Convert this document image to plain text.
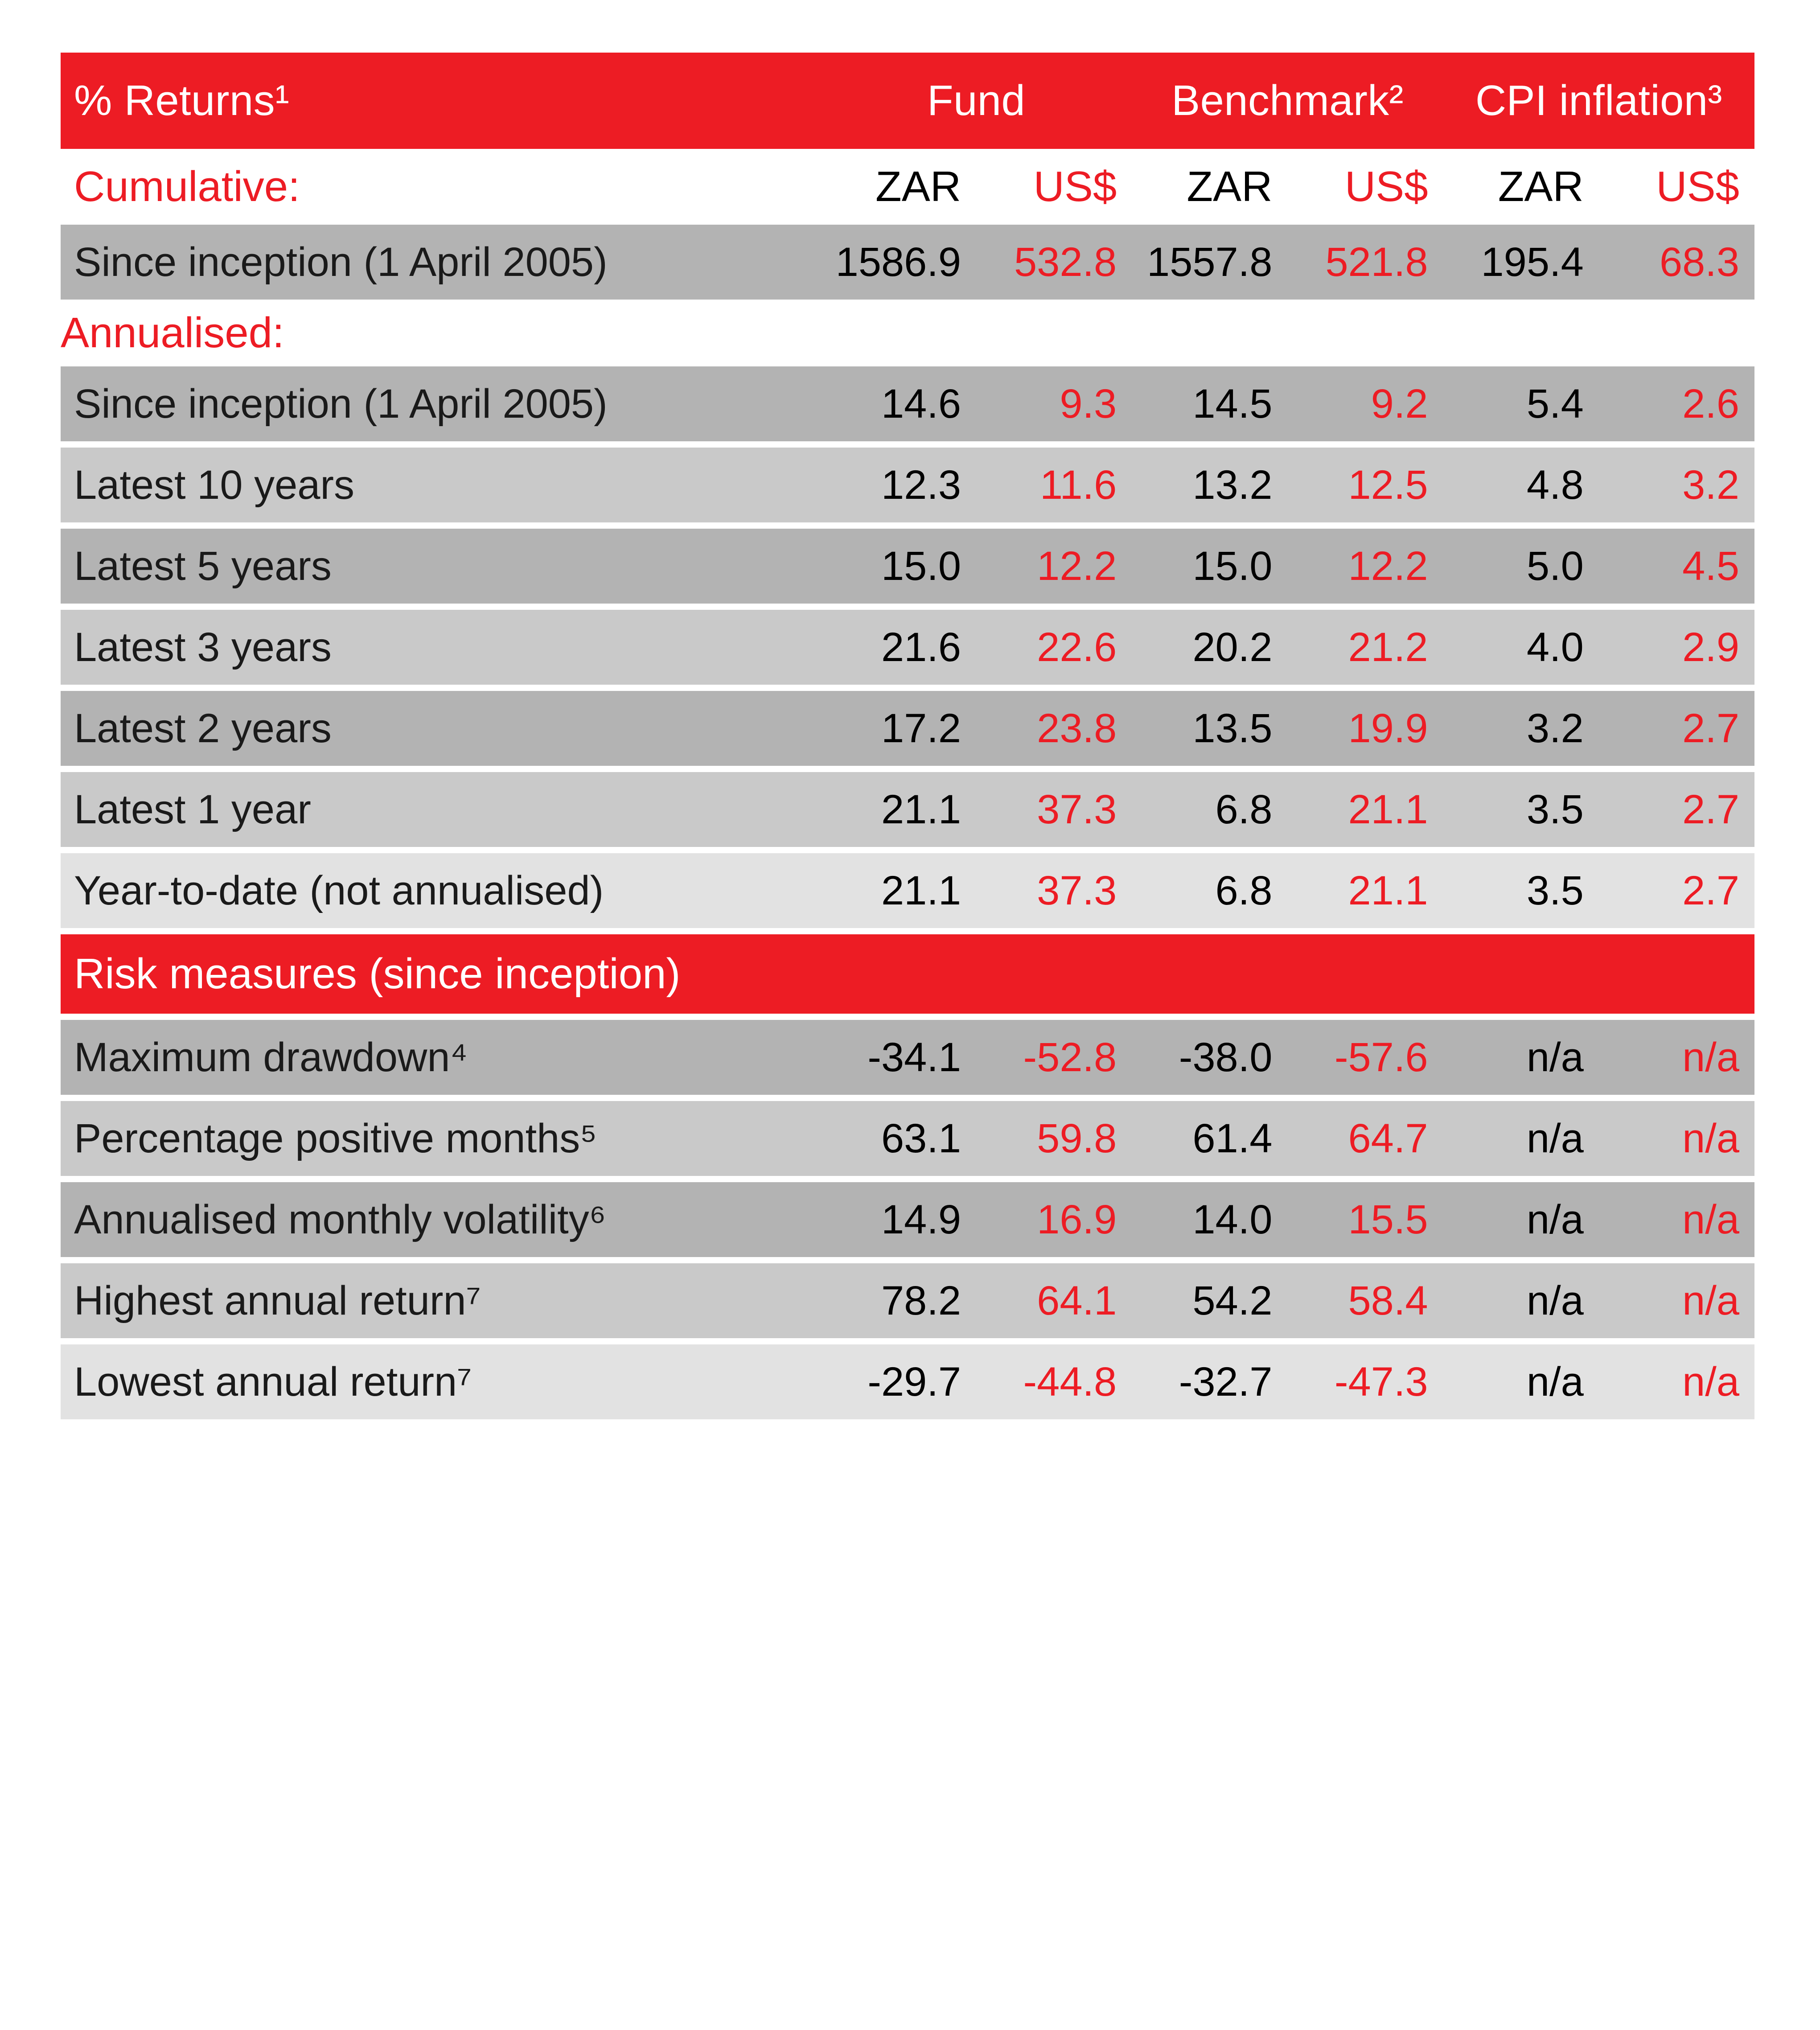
% Returns¹	Fund		Benchmark²		CPI inflation³	
Cumulative:	ZAR	US$	ZAR	US$	ZAR	US$
Since inception (1 April 2005)	1586.9	532.8	1557.8	521.8	195.4	68.3
Annualised:						
Since inception (1 April 2005)	14.6	9.3	14.5	9.2	5.4	2.6

Latest 10 years	12.3	11.6	13.2	12.5	4.8	3.2

Latest 5 years	15.0	12.2	15.0	12.2	5.0	4.5

Latest 3 years	21.6	22.6	20.2	21.2	4.0	2.9

Latest 2 years	17.2	23.8	13.5	19.9	3.2	2.7

Latest 1 year	21.1	37.3	6.8	21.1	3.5	2.7

Year-to-date (not annualised)	21.1	37.3	6.8	21.1	3.5	2.7

Risk measures (since inception)						

Maximum drawdown⁴	-34.1	-52.8	-38.0	-57.6	n/a	n/a

Percentage positive months⁵	63.1	59.8	61.4	64.7	n/a	n/a

Annualised monthly volatility⁶	14.9	16.9	14.0	15.5	n/a	n/a

Highest annual return⁷	78.2	64.1	54.2	58.4	n/a	n/a

Lowest annual return⁷	-29.7	-44.8	-32.7	-47.3	n/a	n/a
